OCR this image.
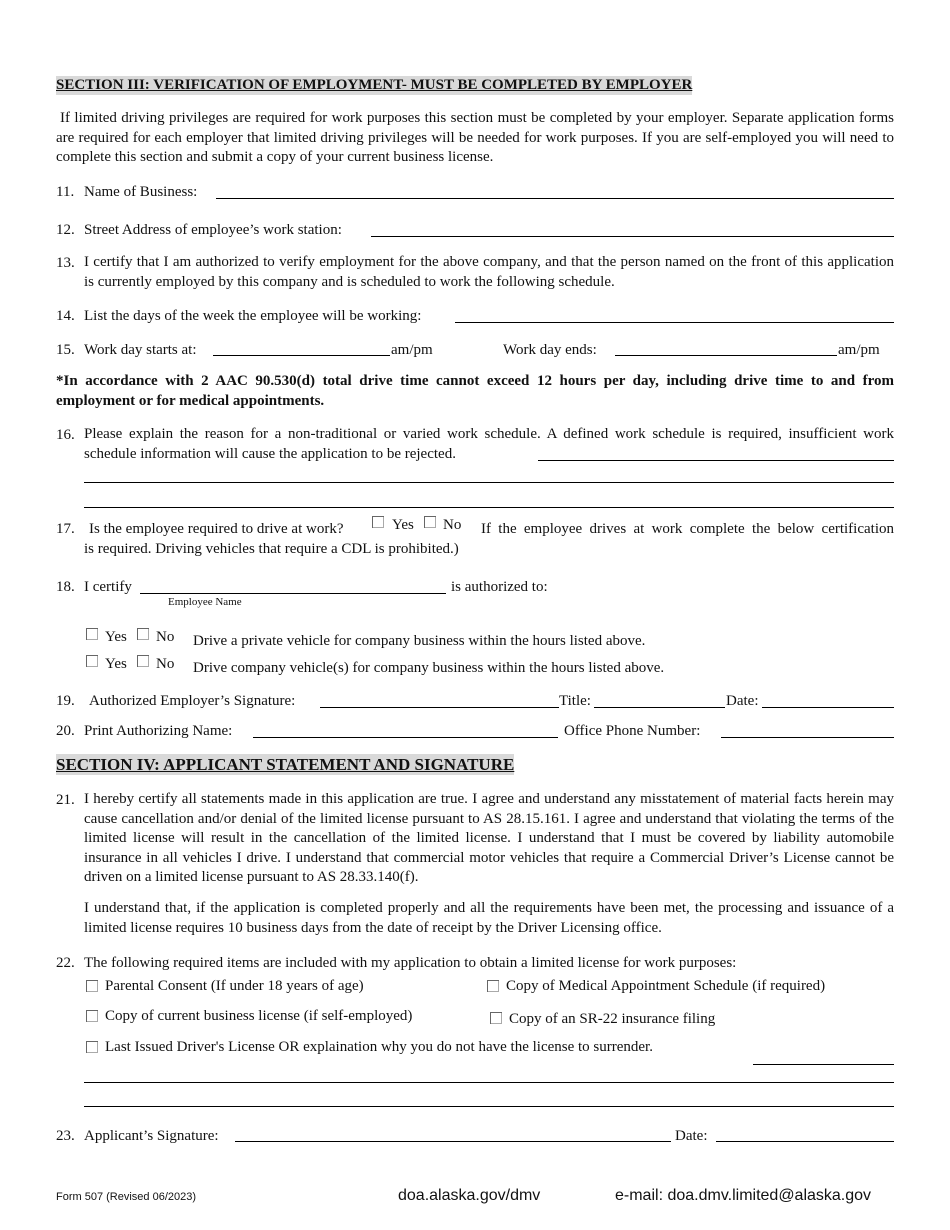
SECTION III: VERIFICATION OF EMPLOYMENT- MUST BE COMPLETED BY EMPLOYER
If limited driving privileges are required for work purposes this section must be completed by your employer. Separate application forms are required for each employer that limited driving privileges will be needed for work purposes. If you are self-employed you will need to complete this section and submit a copy of your current business license.
11. Name of Business:
12. Street Address of employee’s work station:
13. I certify that I am authorized to verify employment for the above company, and that the person named on the front of this application is currently employed by this company and is scheduled to work the following schedule.
14. List the days of the week the employee will be working:
15. Work day starts at:	am/pm	Work day ends:	am/pm
*In accordance with 2 AAC 90.530(d) total drive time cannot exceed 12 hours per day, including drive time to and from employment or for medical appointments.
16. Please explain the reason for a non-traditional or varied work schedule. A defined work schedule is required, insufficient work schedule information will cause the application to be rejected.
17. Is the employee required to drive at work?	Yes No If the employee drives at work complete the below certification
is required. Driving vehicles that require a CDL is prohibited.)
18. I certify
Employee Name
is authorized to:
Yes No Drive a private vehicle for company business within the hours listed above.
Yes No Drive company vehicle(s) for company business within the hours listed above.
19. Authorized Employer’s Signature:	Title:	Date:
20. Print Authorizing Name:	Office Phone Number:
SECTION IV: APPLICANT STATEMENT AND SIGNATURE
21. I hereby certify all statements made in this application are true. I agree and understand any misstatement of material facts herein may cause cancellation and/or denial of the limited license pursuant to AS 28.15.161. I agree and understand that violating the terms of the limited license will result in the cancellation of the limited license. I understand that I must be covered by liability automobile insurance in all vehicles I drive. I understand that commercial motor vehicles that require a Commercial Driver’s License cannot be driven on a limited license pursuant to AS 28.33.140(f).
I understand that, if the application is completed properly and all the requirements have been met, the processing and issuance of a limited license requires 10 business days from the date of receipt by the Driver Licensing office.
22. The following required items are included with my application to obtain a limited license for work purposes:
Parental Consent (If under 18 years of age)	Copy of Medical Appointment Schedule (if required)
Copy of current business license (if self-employed)	Copy of an SR-22 insurance filing
Last Issued Driver's License OR explaination why you do not have the license to surrender.
23. Applicant’s Signature:	Date:
Form 507 (Revised 06/2023)	doa.alaska.gov/dmv	e-mail: doa.dmv.limited@alaska.gov
